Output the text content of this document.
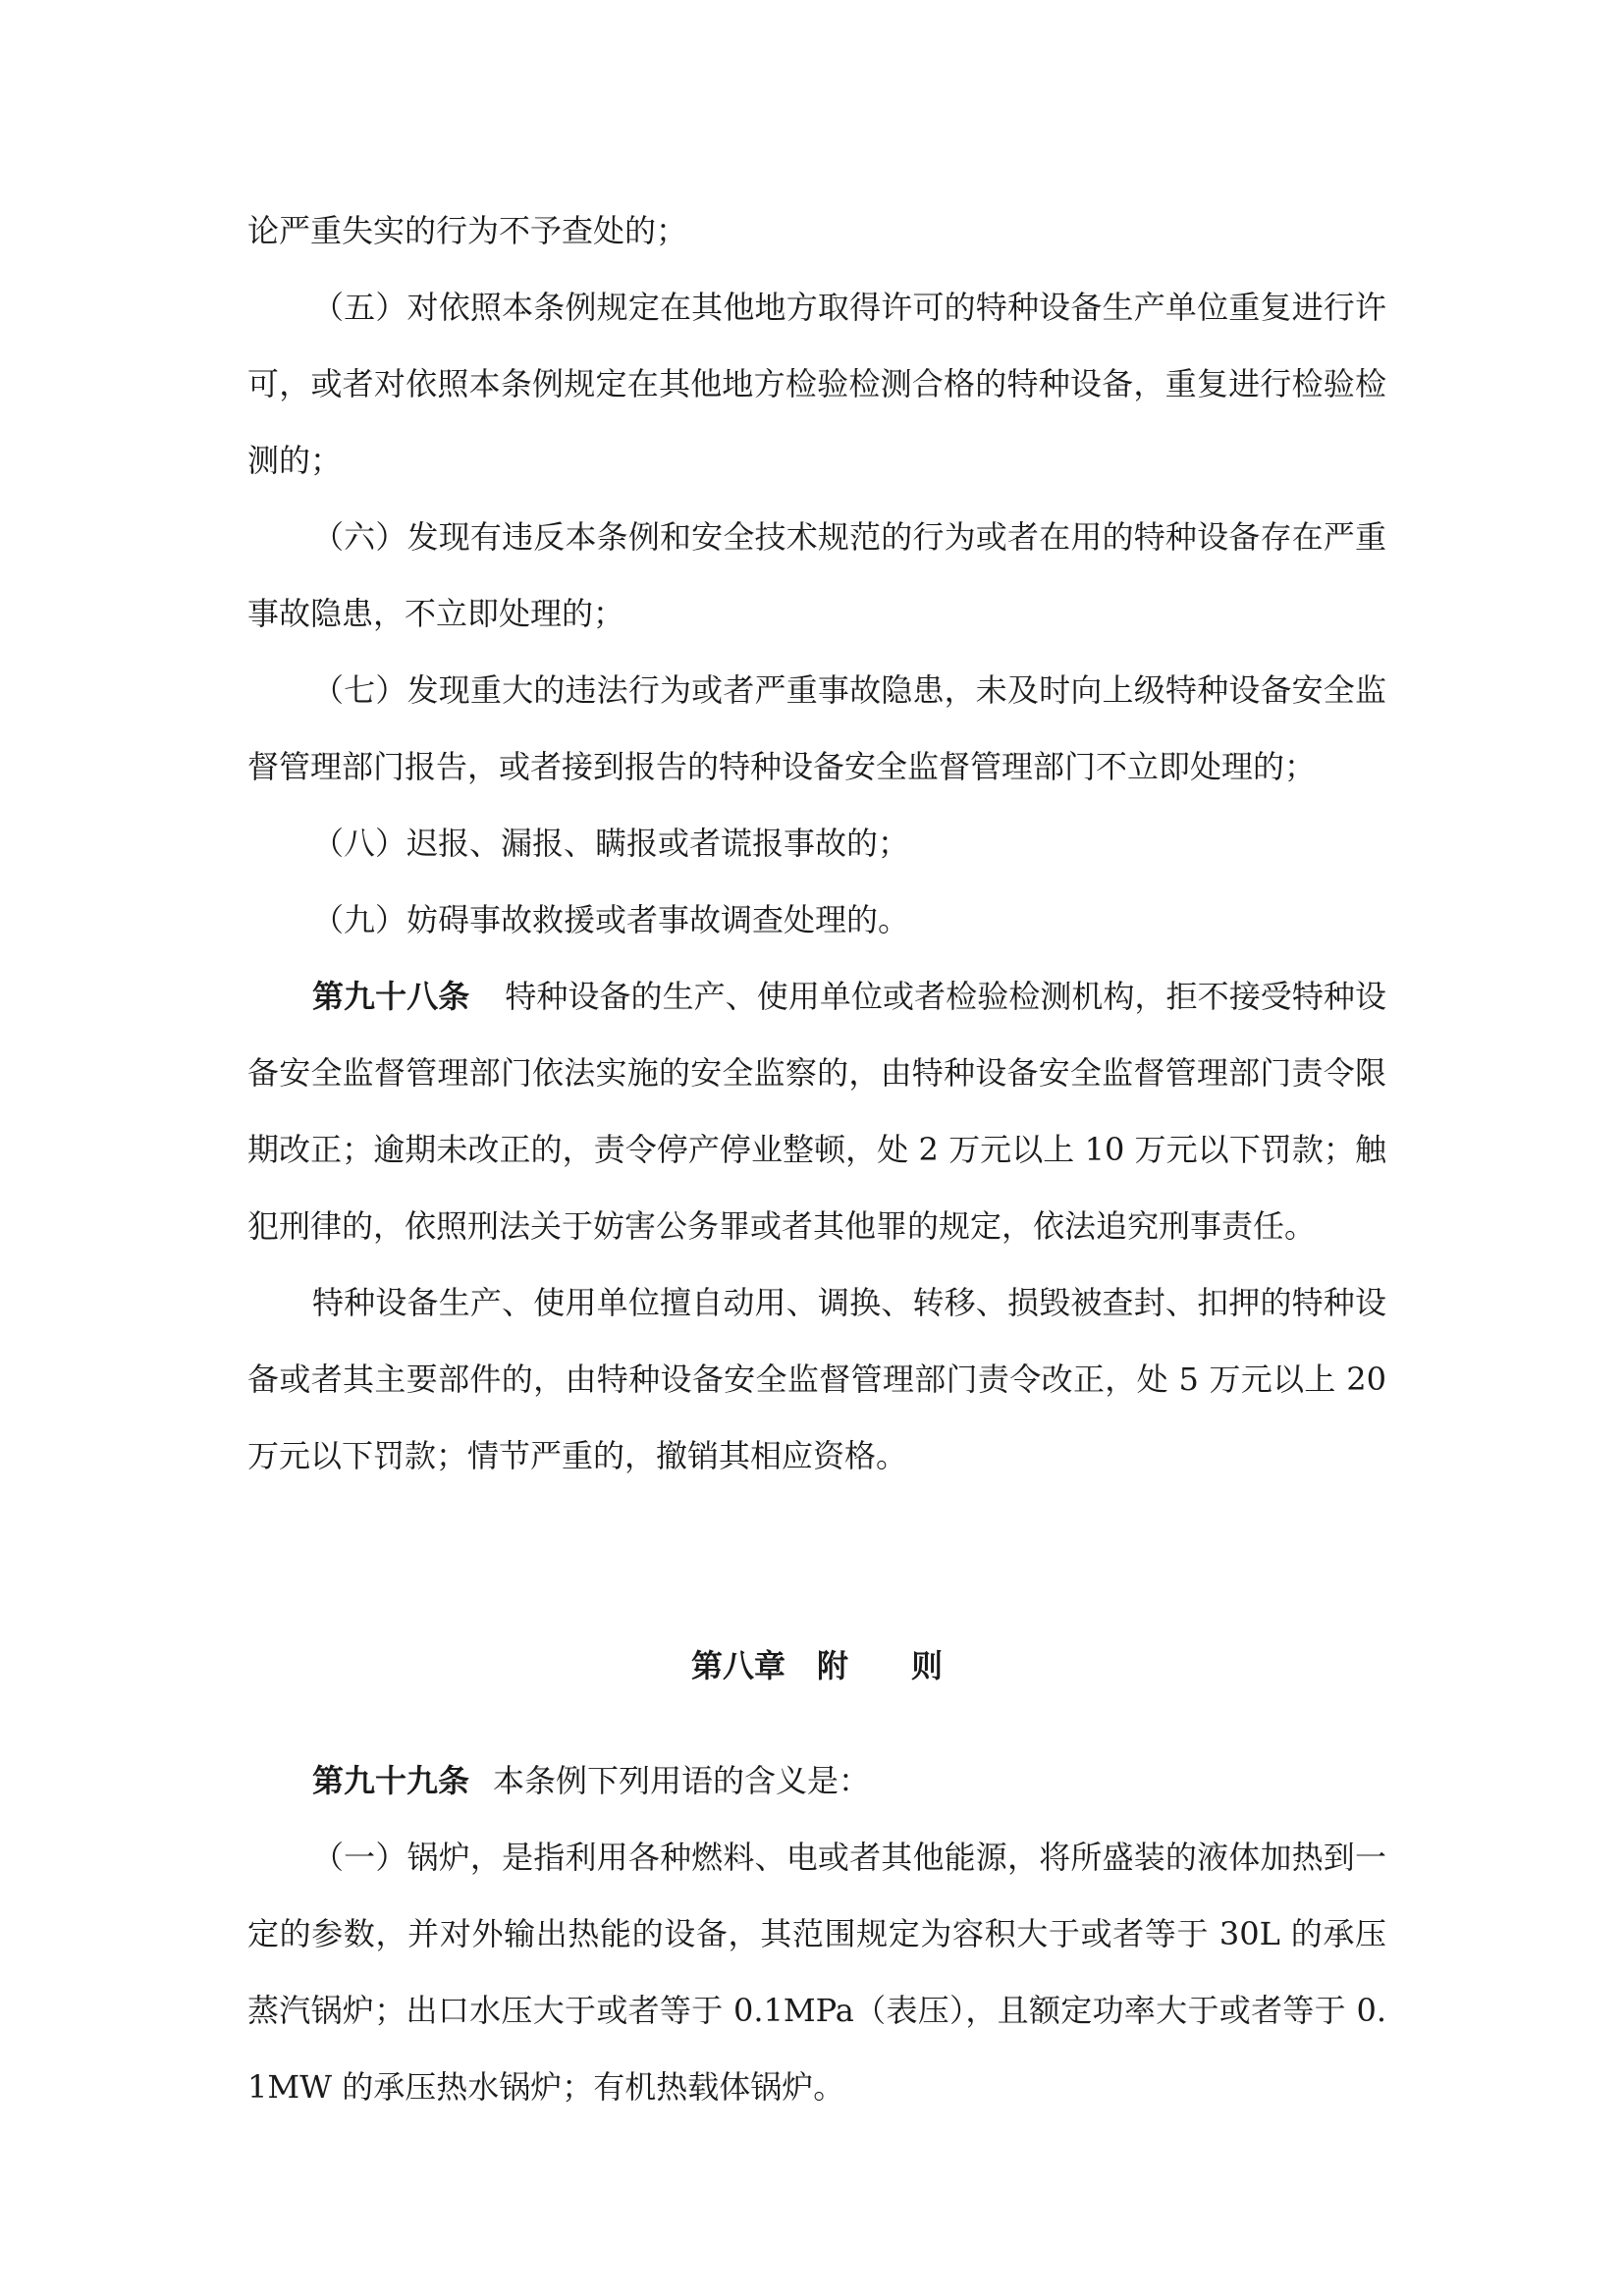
论严重失实的行为不予查处的；

（五）对依照本条例规定在其他地方取得许可的特种设备生产单位重复进行许可，或者对依照本条例规定在其他地方检验检测合格的特种设备，重复进行检验检测的；

（六）发现有违反本条例和安全技术规范的行为或者在用的特种设备存在严重事故隐患，不立即处理的；

（七）发现重大的违法行为或者严重事故隐患，未及时向上级特种设备安全监督管理部门报告，或者接到报告的特种设备安全监督管理部门不立即处理的；

（八）迟报、漏报、瞒报或者谎报事故的；

（九）妨碍事故救援或者事故调查处理的。

第九十八条 特种设备的生产、使用单位或者检验检测机构，拒不接受特种设备安全监督管理部门依法实施的安全监察的，由特种设备安全监督管理部门责令限期改正；逾期未改正的，责令停产停业整顿，处 2 万元以上 10 万元以下罚款；触犯刑律的，依照刑法关于妨害公务罪或者其他罪的规定，依法追究刑事责任。

特种设备生产、使用单位擅自动用、调换、转移、损毁被查封、扣押的特种设备或者其主要部件的，由特种设备安全监督管理部门责令改正，处 5 万元以上 20 万元以下罚款；情节严重的，撤销其相应资格。

第八章　附　　则

第九十九条 本条例下列用语的含义是：

（一）锅炉，是指利用各种燃料、电或者其他能源，将所盛装的液体加热到一定的参数，并对外输出热能的设备，其范围规定为容积大于或者等于 30L 的承压蒸汽锅炉；出口水压大于或者等于 0.1MPa（表压），且额定功率大于或者等于 0.1MW 的承压热水锅炉；有机热载体锅炉。
